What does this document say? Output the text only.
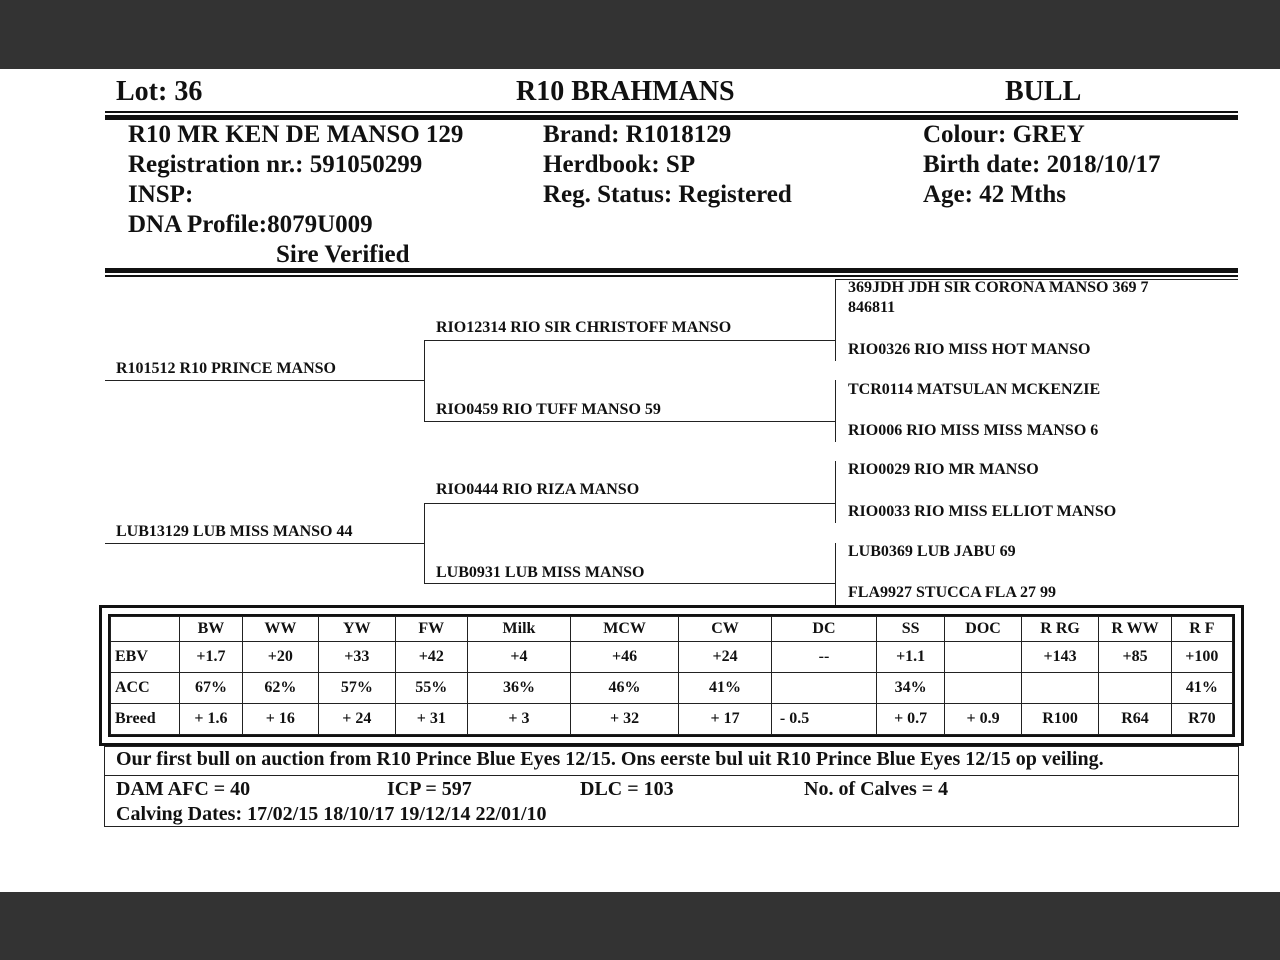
Lot: 36	R10 BRAHMANS	BULL
R10 MR KEN DE MANSO 129
Registration nr.: 591050299
INSP:
DNA Profile:8079U009
Sire Verified
Brand: R1018129
Herdbook: SP
Reg. Status: Registered
Colour: GREY
Birth date: 2018/10/17
Age: 42 Mths
R101512 R10 PRINCE MANSO
LUB13129 LUB MISS MANSO 44
RIO12314 RIO SIR CHRISTOFF MANSO
RIO0459 RIO TUFF MANSO 59
RIO0444 RIO RIZA MANSO
LUB0931 LUB MISS MANSO
369JDH JDH SIR CORONA MANSO 369 7
846811
RIO0326 RIO MISS HOT MANSO
TCR0114 MATSULAN MCKENZIE
RIO006 RIO MISS MISS MANSO 6
RIO0029 RIO MR MANSO
RIO0033 RIO MISS ELLIOT MANSO
LUB0369 LUB JABU 69
FLA9927 STUCCA FLA 27 99
	BW	WW	YW	FW	Milk	MCW	CW	DC	SS	DOC	R RG	R WW	R F
EBV	+1.7	+20	+33	+42	+4	+46	+24	--	+1.1		+143	+85	+100
ACC	67%	62%	57%	55%	36%	46%	41%		34%				41%
Breed	+ 1.6	+ 16	+ 24	+ 31	+ 3	+ 32	+ 17	- 0.5	+ 0.7	+ 0.9	R100	R64	R70
Our first bull on auction from R10 Prince Blue Eyes 12/15. Ons eerste bul uit R10 Prince Blue Eyes 12/15 op veiling.
DAM AFC = 40	ICP = 597	DLC = 103	No. of Calves = 4
Calving Dates: 17/02/15 18/10/17 19/12/14 22/01/10
